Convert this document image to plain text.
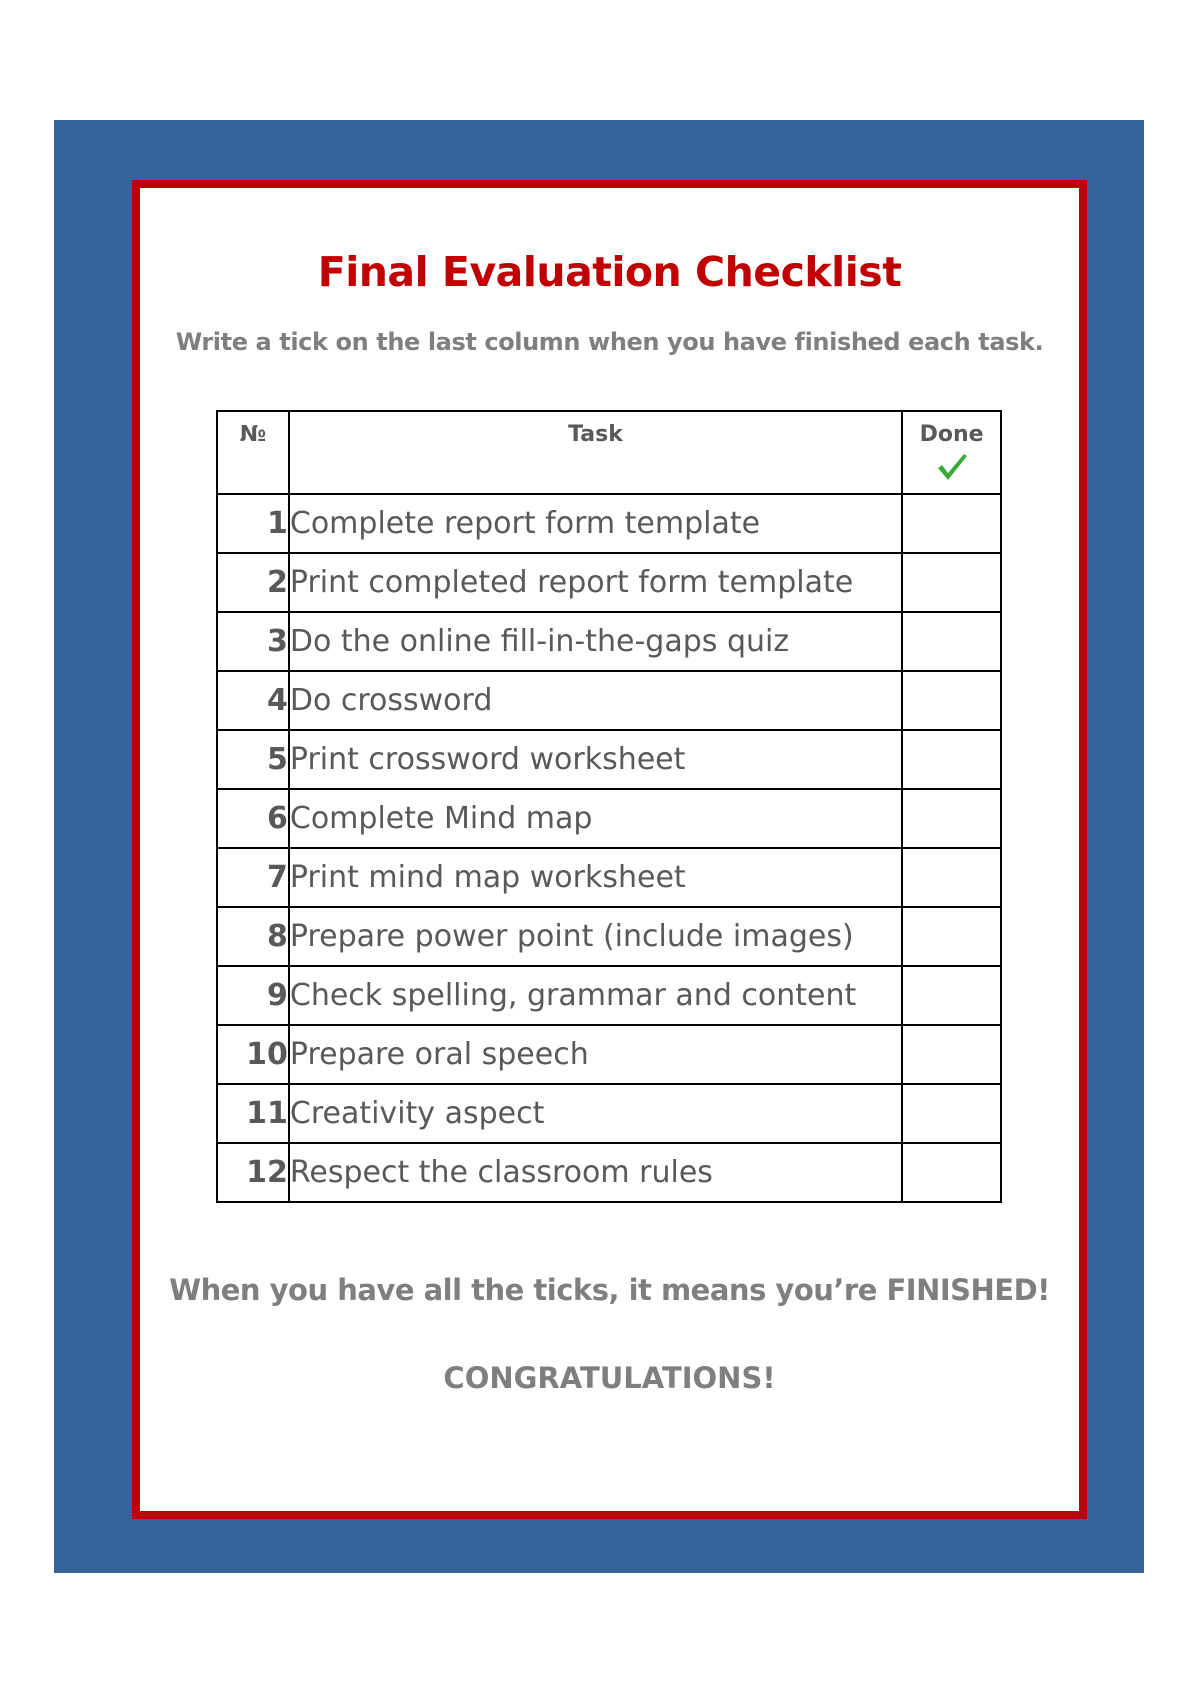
Final Evaluation Checklist
Write a tick on the last column when you have finished each task.
№	Task	Done

1	Complete report form template	
2	Print completed report form template	
3	Do the online fill-in-the-gaps quiz	
4	Do crossword	
5	Print crossword worksheet	
6	Complete Mind map	
7	Print mind map worksheet	
8	Prepare power point (include images)	
9	Check spelling, grammar and content	
10	Prepare oral speech	
11	Creativity aspect	
12	Respect the classroom rules	
When you have all the ticks, it means you’re FINISHED!
CONGRATULATIONS!
